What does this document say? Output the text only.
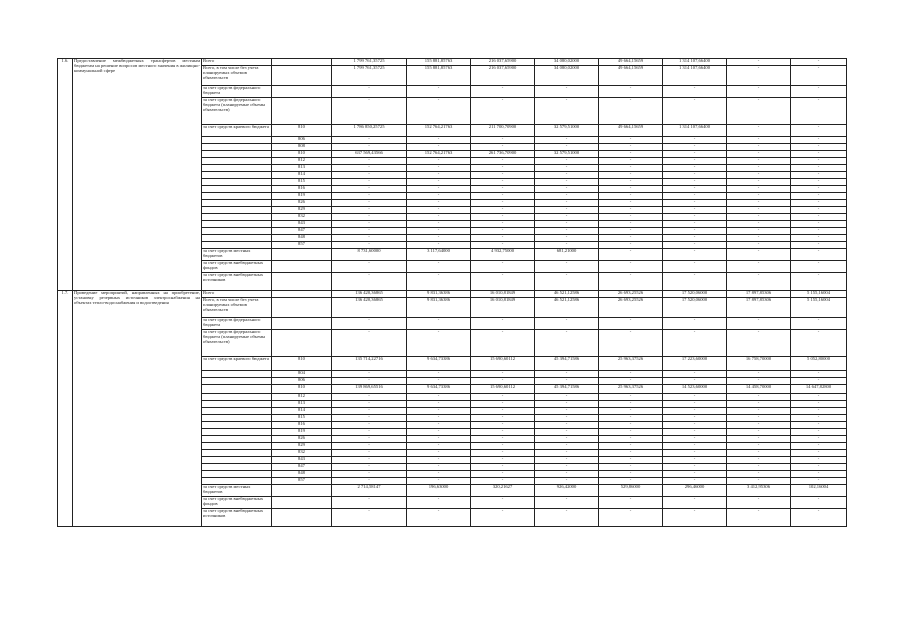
1.6.	Предоставление межбюджетных трансфертов местным бюджетам на решение вопросов местного значения в жилищно-коммунальной сфере	Всего		1 799 761,35725	155 881,85763	216 037,65900	34 080,02000	49 664,15659	1 314 107,66400	-	-
		Всего, в том числе без учета планируемых объемов обязательств		1 799 761,35725	155 881,85763	216 037,65900	34 080,02000	49 664,15659	1 314 107,66400	-	-
		за счет средств федерального бюджета		-	-	-	-	-	-	-	-
		за счет средств федерального бюджета (планируемые объемы обязательств)		-	-	-	-	-	-	-	-
		за счет средств краевого бюджета	810	1 786 850,25725	152 764,21763	211 700,70900	32 579,51000	49 664,15659	1 314 107,66400	-	-
			806	-	-	-	-	-	-	-	-
			808	-	-	-	-	-	-	-	-
			810	637 569,43566	152 764,21763	261 736,70900	32 579,51000	-	-	-	-
			812	-	-	-	-	-	-	-	-
			813	-	-	-	-	-	-	-	-
			814	-	-	-	-	-	-	-	-
			815	-	-	-	-	-	-	-	-
			816	-	-	-	-	-	-	-	-
			819	-	-	-	-	-	-	-	-
			826	-	-	-	-	-	-	-	-
			829	-	-	-	-	-	-	-	-
			832	-	-	-	-	-	-	-	-
			843	-	-	-	-	-	-	-	-
			847	-	-	-	-	-	-	-	-
			848	-	-	-	-	-	-	-	-
			857	-	-	-	-	-	-	-	-
		за счет средств местных бюджетов		8 731,60000	3 117,64000	4 932,75000	681,21000	-	-	-	-
		за счет средств внебюджетных фондов		-	-	-	-	-	-	-	-
		за счет средств внебюджетных источников		-	-	-	-	-	-	-	-
1.7.	Проведение мероприятий, направленных на приобретение, установку резервных источников электроснабжения на объектах тепло-водоснабжения и водоотведения	Всего		136 420,36865	9 831,36386	16 010,81849	46 521,12586	26 693,25526	17 520,06000	17 897,85306	5 155,16004
		Всего, в том числе без учета планируемых объемов обязательств		136 420,36865	9 831,36386	16 010,81849	46 521,12586	26 693,25526	17 520,06000	17 897,85306	5 155,16004
		за счет средств федерального бюджета		-	-	-	-	-	-	-	-
		за счет средств федерального бюджета (планируемые объемы обязательств)		-	-	-	-	-	-	-	-
		за счет средств краевого бюджета	810	135 714,22716	9 634,73386	15 690,60112	45 394,71586	25 963,37526	17 223,60000	16 758,70000	5 052,80000
			804	-	-	-	-	-	-	-	-
			806	-	-	-	-	-	-	-	-
			810	139 869,65516	9 634,73386	15 690,60112	45 394,71586	25 963,37526	14 523,60000	14 458,70000	14 647,82800
			812	-	-	-	-	-	-	-	-
			813	-	-	-	-	-	-	-	-
			814	-	-	-	-	-	-	-	-
			815	-	-	-	-	-	-	-	-
			816	-	-	-	-	-	-	-	-
			819	-	-	-	-	-	-	-	-
			826	-	-	-	-	-	-	-	-
			829	-	-	-	-	-	-	-	-
			832	-	-	-	-	-	-	-	-
			843	-	-	-	-	-	-	-	-
			847	-	-	-	-	-	-	-	-
			848	-	-	-	-	-	-	-	-
			857	-	-	-	-	-	-	-	-
		за счет средств местных бюджетов		2 714,58147	196,63000	320,21627	926,42000	529,86000	296,46000	3 412,95306	102,16004
		за счет средств внебюджетных фондов		-	-	-	-	-	-	-	-
		за счет средств внебюджетных источников		-	-	-	-	-	-	-	-
